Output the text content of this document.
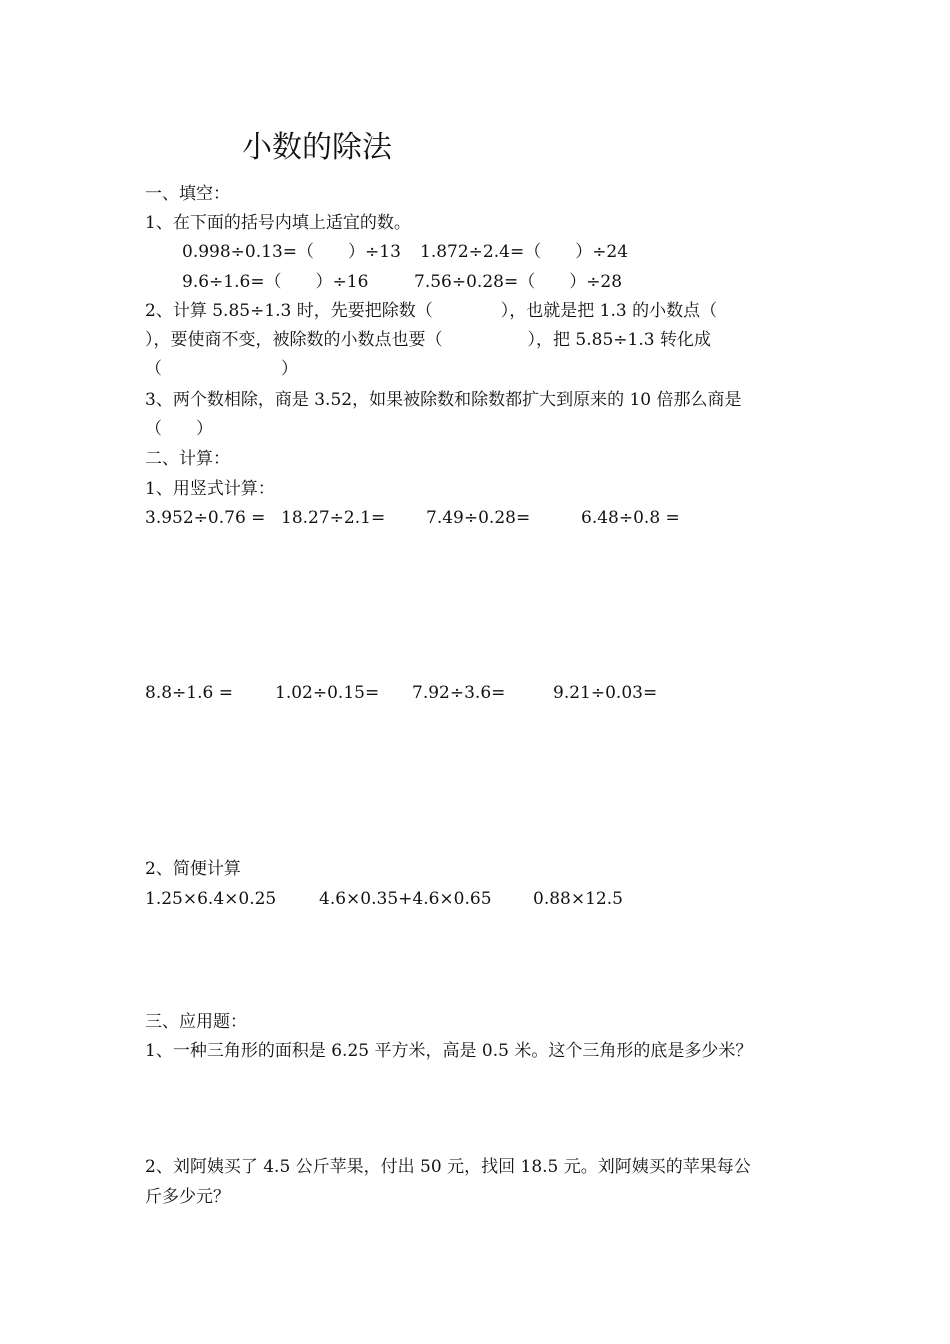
小数的除法
一、填空：
1、在下面的括号内填上适宜的数。
0.998÷0.13=（　　）÷13 1.872÷2.4=（　　）÷24
9.6÷1.6=（　　）÷16	7.56÷0.28=（　　）÷28
2、计算 5.85÷1.3 时，先要把除数（　　　　），也就是把 1.3 的小数点（
），要使商不变，被除数的小数点也要（　　　　　），把 5.85÷1.3 转化成
（　　　　　　　）
3、两个数相除，商是 3.52，如果被除数和除数都扩大到原来的 10 倍那么商是
（　　）
二、计算：
1、用竖式计算：
3.952÷0.76 = 18.27÷2.1= 7.49÷0.28=	6.48÷0.8 =
8.8÷1.6 = 1.02÷0.15= 7.92÷3.6=	9.21÷0.03=
2、简便计算
1.25×6.4×0.25	4.6×0.35+4.6×0.65 0.88×12.5
三、应用题：
1、一种三角形的面积是 6.25 平方米，高是 0.5 米。这个三角形的底是多少米？
2、刘阿姨买了 4.5 公斤苹果，付出 50 元，找回 18.5 元。刘阿姨买的苹果每公
斤多少元？
